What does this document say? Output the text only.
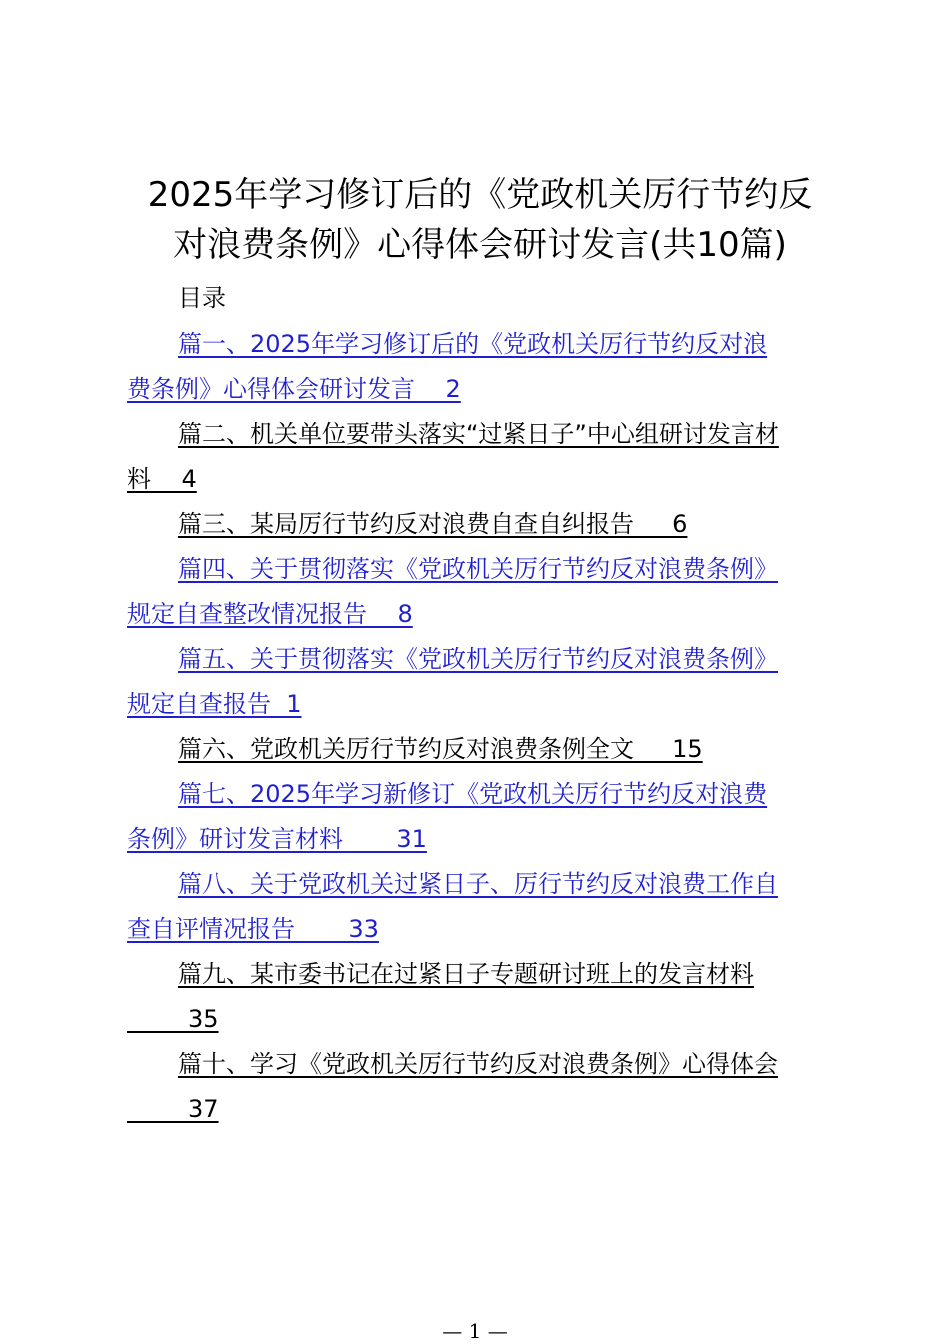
2025年学习修订后的《党政机关厉行节约反
对浪费条例》心得体会研讨发言(共10篇)
目录
篇一、2025年学习修订后的《党政机关厉行节约反对浪
费条例》心得体会研讨发言    2
篇二、机关单位要带头落实“过紧日子”中心组研讨发言材
料    4
篇三、某局厉行节约反对浪费自查自纠报告     6
篇四、关于贯彻落实《党政机关厉行节约反对浪费条例》
规定自查整改情况报告    8
篇五、关于贯彻落实《党政机关厉行节约反对浪费条例》
规定自查报告  1
篇六、党政机关厉行节约反对浪费条例全文     15
篇七、2025年学习新修订《党政机关厉行节约反对浪费
条例》研讨发言材料       31
篇八、关于党政机关过紧日子、厉行节约反对浪费工作自
查自评情况报告       33
篇九、某市委书记在过紧日子专题研讨班上的发言材料
35
篇十、学习《党政机关厉行节约反对浪费条例》心得体会
37
— 1 —
